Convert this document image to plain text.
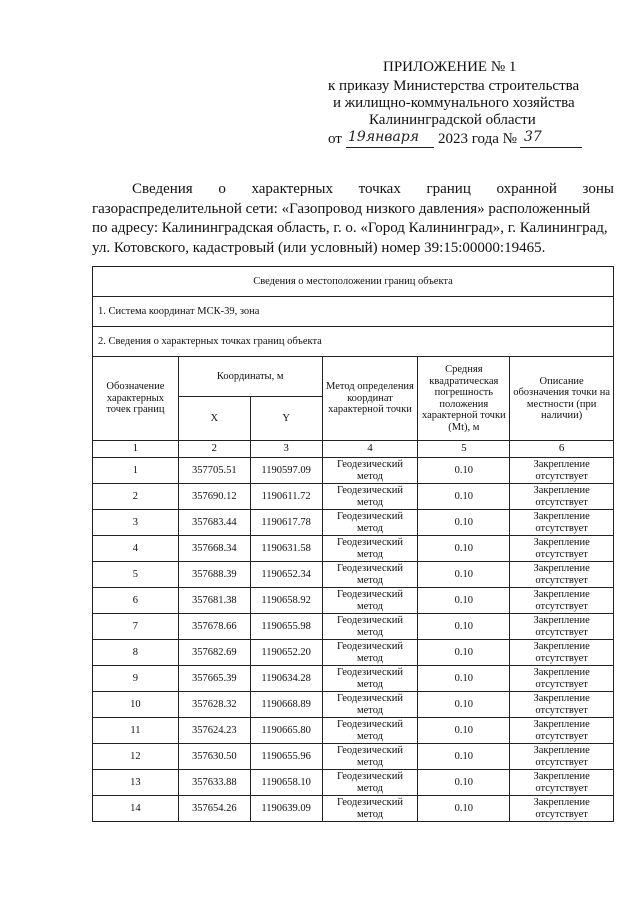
ПРИЛОЖЕНИЕ № 1
к приказу Министерства строительства
и жилищно-коммунального хозяйства
Калининградской области
от 19января 2023 года № 37
Сведения о характерных точках границ охранной зоны
газораспределительной сети: «Газопровод низкого давления» расположенный
по адресу: Калининградская область, г. о. «Город Калининград», г. Калининград,
ул. Котовского, кадастровый (или условный) номер 39:15:00000:19465.
Сведения о местоположении границ объекта					
1. Система координат МСК-39, зона					
2. Сведения о характерных точках границ объекта					
Обозначение характерных точек границ	Координаты, м		Метод определения координат характерной точки	Средняя квадратическая погрешность положения характерной точки (Mt), м	Описание обозначения точки на местности (при наличии)
	X	Y			
1	2	3	4	5	6
1	357705.51	1190597.09	Геодезический метод	0.10	Закрепление отсутствует
2	357690.12	1190611.72	Геодезический метод	0.10	Закрепление отсутствует
3	357683.44	1190617.78	Геодезический метод	0.10	Закрепление отсутствует
4	357668.34	1190631.58	Геодезический метод	0.10	Закрепление отсутствует
5	357688.39	1190652.34	Геодезический метод	0.10	Закрепление отсутствует
6	357681.38	1190658.92	Геодезический метод	0.10	Закрепление отсутствует
7	357678.66	1190655.98	Геодезический метод	0.10	Закрепление отсутствует
8	357682.69	1190652.20	Геодезический метод	0.10	Закрепление отсутствует
9	357665.39	1190634.28	Геодезический метод	0.10	Закрепление отсутствует
10	357628.32	1190668.89	Геодезический метод	0.10	Закрепление отсутствует
11	357624.23	1190665.80	Геодезический метод	0.10	Закрепление отсутствует
12	357630.50	1190655.96	Геодезический метод	0.10	Закрепление отсутствует
13	357633.88	1190658.10	Геодезический метод	0.10	Закрепление отсутствует
14	357654.26	1190639.09	Геодезический метод	0.10	Закрепление отсутствует
